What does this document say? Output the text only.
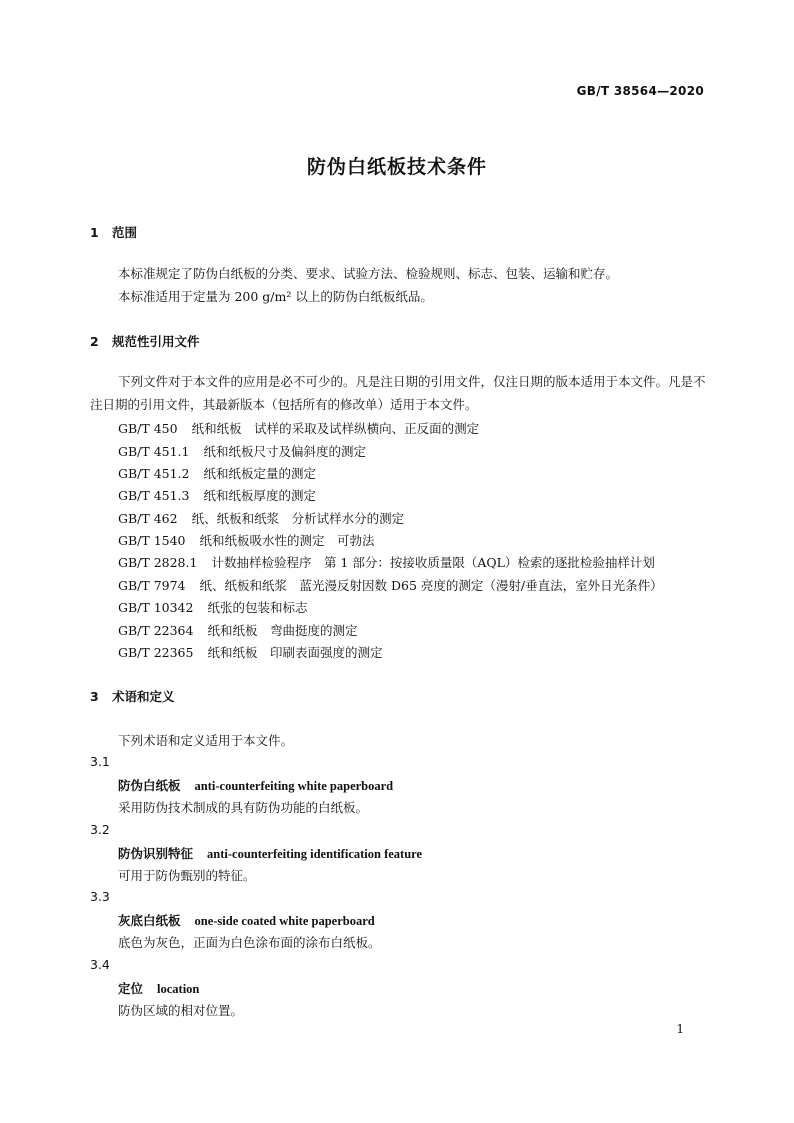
GB/T 38564—2020
防伪白纸板技术条件
1 范围
本标准规定了防伪白纸板的分类、要求、试验方法、检验规则、标志、包装、运输和贮存。
本标准适用于定量为 200 g/m² 以上的防伪白纸板纸品。
2 规范性引用文件
下列文件对于本文件的应用是必不可少的。凡是注日期的引用文件，仅注日期的版本适用于本文件。凡是不注日期的引用文件，其最新版本（包括所有的修改单）适用于本文件。
GB/T 450 纸和纸板　试样的采取及试样纵横向、正反面的测定
GB/T 451.1 纸和纸板尺寸及偏斜度的测定
GB/T 451.2 纸和纸板定量的测定
GB/T 451.3 纸和纸板厚度的测定
GB/T 462 纸、纸板和纸浆　分析试样水分的测定
GB/T 1540 纸和纸板吸水性的测定　可勃法
GB/T 2828.1 计数抽样检验程序　第 1 部分：按接收质量限（AQL）检索的逐批检验抽样计划
GB/T 7974 纸、纸板和纸浆　蓝光漫反射因数 D65 亮度的测定（漫射/垂直法，室外日光条件）
GB/T 10342 纸张的包装和标志
GB/T 22364 纸和纸板　弯曲挺度的测定
GB/T 22365 纸和纸板　印刷表面强度的测定
3 术语和定义
下列术语和定义适用于本文件。
3.1
防伪白纸板 anti-counterfeiting white paperboard
采用防伪技术制成的具有防伪功能的白纸板。
3.2
防伪识别特征 anti-counterfeiting identification feature
可用于防伪甄别的特征。
3.3
灰底白纸板 one-side coated white paperboard
底色为灰色，正面为白色涂布面的涂布白纸板。
3.4
定位 location
防伪区域的相对位置。
1
